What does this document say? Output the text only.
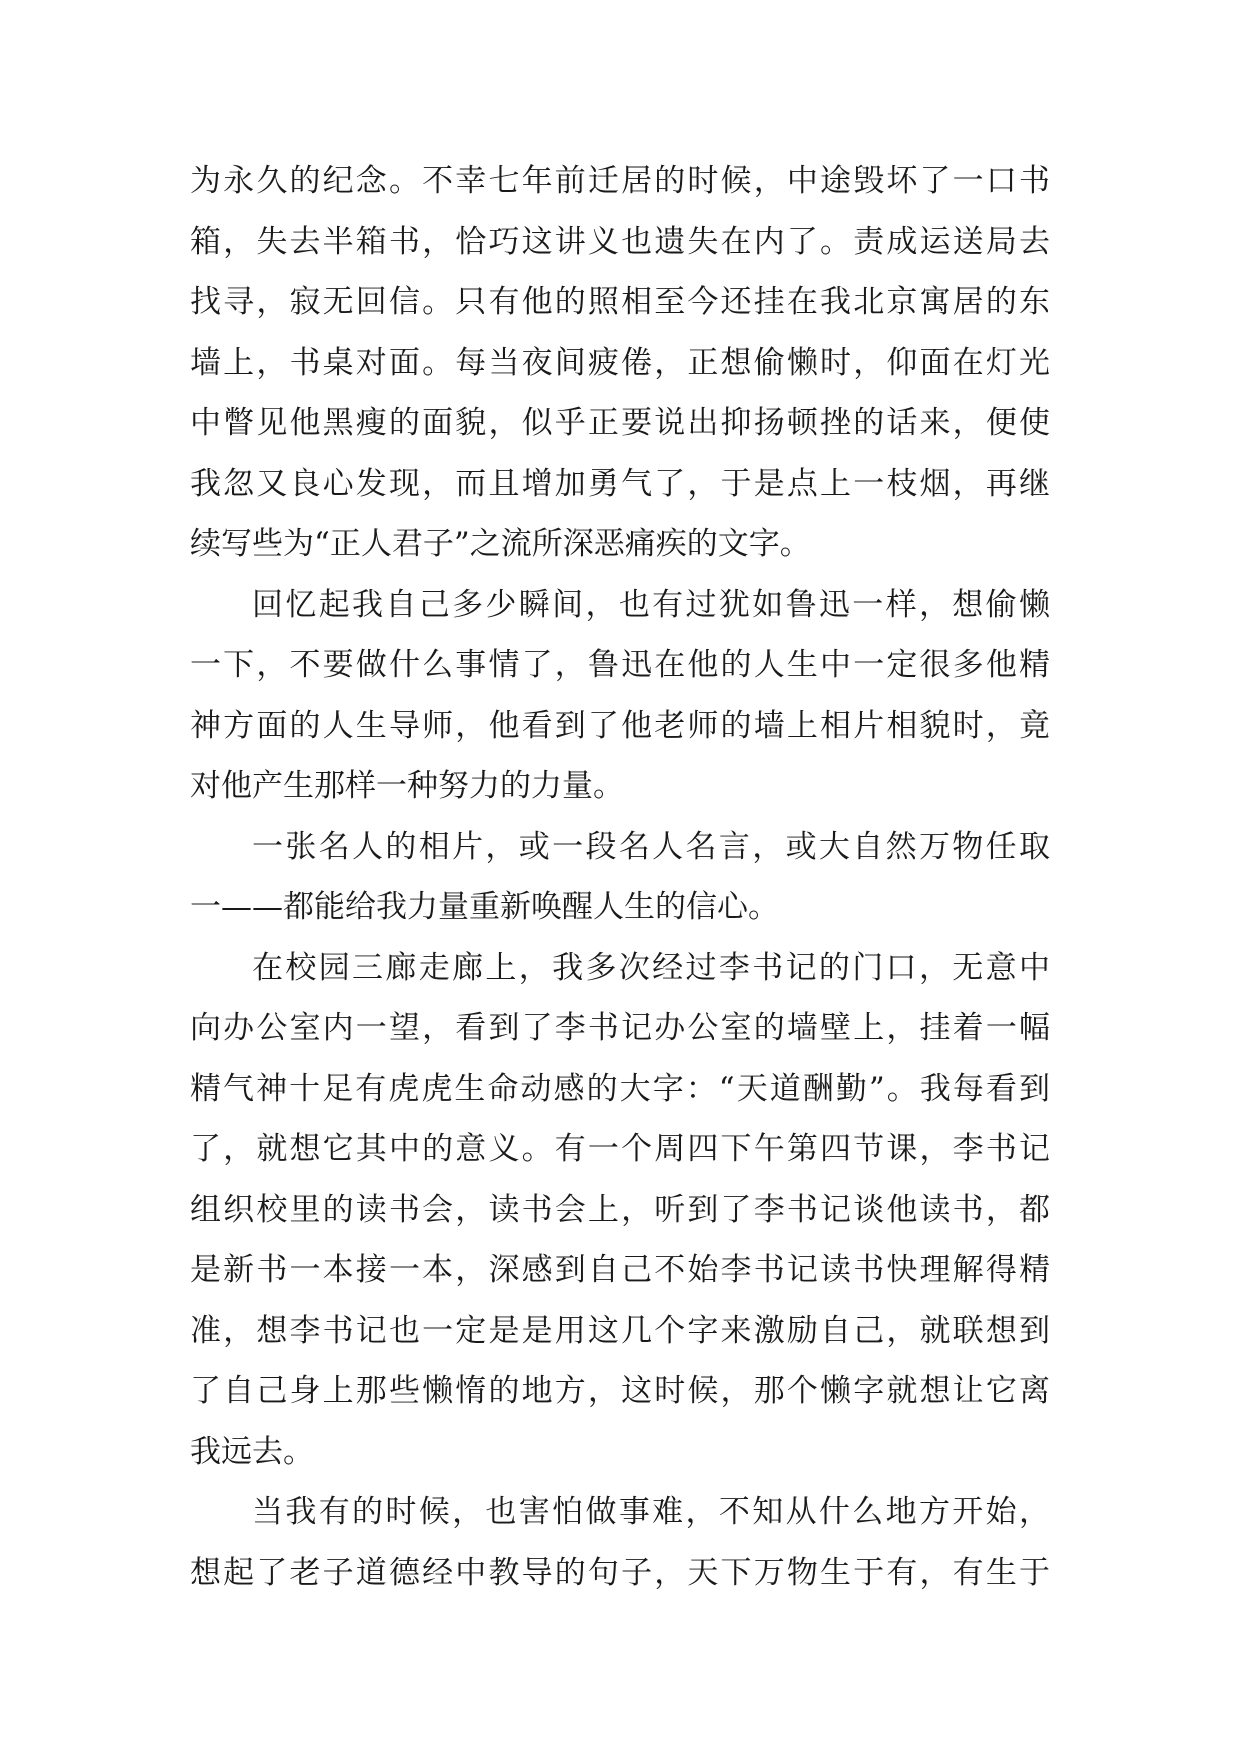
为永久的纪念。不幸七年前迁居的时候，中途毁坏了一口书
箱，失去半箱书，恰巧这讲义也遗失在内了。责成运送局去
找寻，寂无回信。只有他的照相至今还挂在我北京寓居的东
墙上，书桌对面。每当夜间疲倦，正想偷懒时，仰面在灯光
中瞥见他黑瘦的面貌，似乎正要说出抑扬顿挫的话来，便使
我忽又良心发现，而且增加勇气了，于是点上一枝烟，再继
续写些为“正人君子”之流所深恶痛疾的文字。
回忆起我自己多少瞬间，也有过犹如鲁迅一样，想偷懒
一下，不要做什么事情了，鲁迅在他的人生中一定很多他精
神方面的人生导师，他看到了他老师的墙上相片相貌时，竟
对他产生那样一种努力的力量。
一张名人的相片，或一段名人名言，或大自然万物任取
一——都能给我力量重新唤醒人生的信心。
在校园三廊走廊上，我多次经过李书记的门口，无意中
向办公室内一望，看到了李书记办公室的墙壁上，挂着一幅
精气神十足有虎虎生命动感的大字：“天道酬勤”。我每看到
了，就想它其中的意义。有一个周四下午第四节课，李书记
组织校里的读书会，读书会上，听到了李书记谈他读书，都
是新书一本接一本，深感到自己不始李书记读书快理解得精
准，想李书记也一定是是用这几个字来激励自己，就联想到
了自己身上那些懒惰的地方，这时候，那个懒字就想让它离
我远去。
当我有的时候，也害怕做事难，不知从什么地方开始，
想起了老子道德经中教导的句子，天下万物生于有，有生于
